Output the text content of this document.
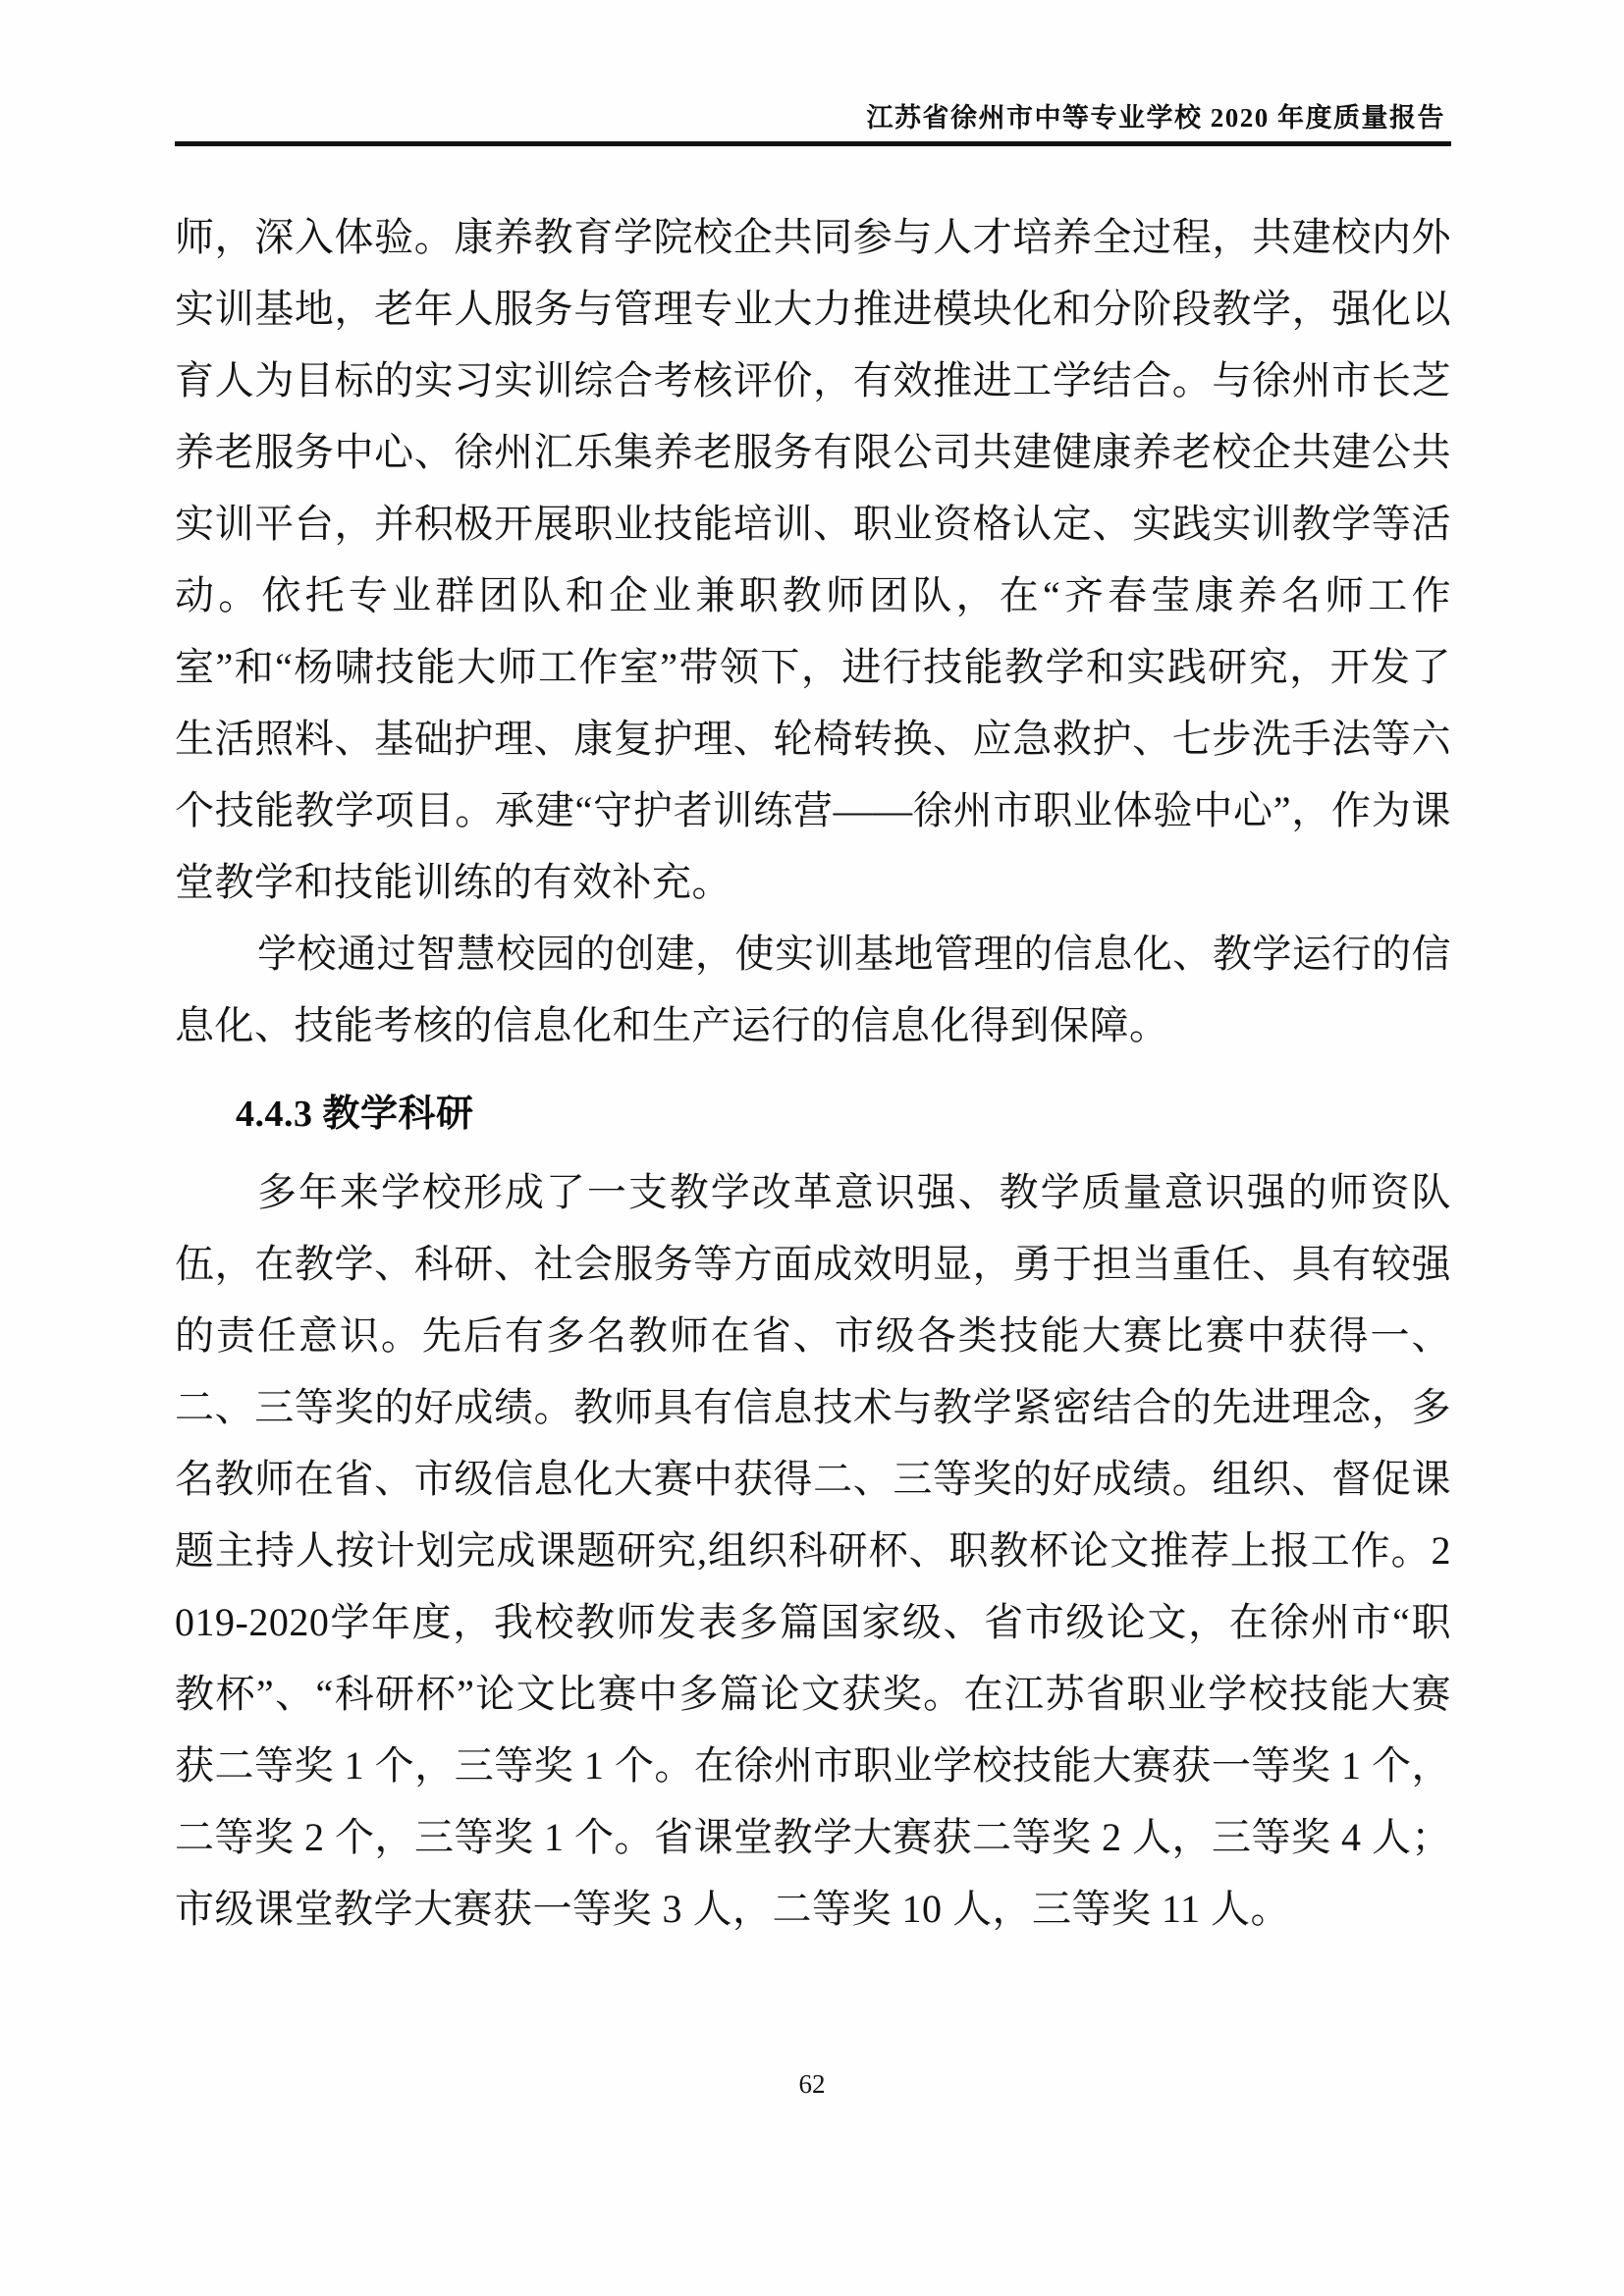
江苏省徐州市中等专业学校 2020 年度质量报告

师，深入体验。康养教育学院校企共同参与人才培养全过程，共建校内外实训基地，老年人服务与管理专业大力推进模块化和分阶段教学，强化以育人为目标的实习实训综合考核评价，有效推进工学结合。与徐州市长芝养老服务中心、徐州汇乐集养老服务有限公司共建健康养老校企共建公共实训平台，并积极开展职业技能培训、职业资格认定、实践实训教学等活动。依托专业群团队和企业兼职教师团队，在“齐春莹康养名师工作室”和“杨啸技能大师工作室”带领下，进行技能教学和实践研究，开发了生活照料、基础护理、康复护理、轮椅转换、应急救护、七步洗手法等六个技能教学项目。承建“守护者训练营——徐州市职业体验中心”，作为课堂教学和技能训练的有效补充。

学校通过智慧校园的创建，使实训基地管理的信息化、教学运行的信息化、技能考核的信息化和生产运行的信息化得到保障。

4.4.3 教学科研

多年来学校形成了一支教学改革意识强、教学质量意识强的师资队伍，在教学、科研、社会服务等方面成效明显，勇于担当重任、具有较强的责任意识。先后有多名教师在省、市级各类技能大赛比赛中获得一、二、三等奖的好成绩。教师具有信息技术与教学紧密结合的先进理念，多名教师在省、市级信息化大赛中获得二、三等奖的好成绩。组织、督促课题主持人按计划完成课题研究,组织科研杯、职教杯论文推荐上报工作。2019-2020学年度，我校教师发表多篇国家级、省市级论文，在徐州市“职教杯”、“科研杯”论文比赛中多篇论文获奖。在江苏省职业学校技能大赛获二等奖 1 个，三等奖 1 个。在徐州市职业学校技能大赛获一等奖 1 个，二等奖 2 个，三等奖 1 个。省课堂教学大赛获二等奖 2 人，三等奖 4 人；市级课堂教学大赛获一等奖 3 人，二等奖 10 人，三等奖 11 人。

62
